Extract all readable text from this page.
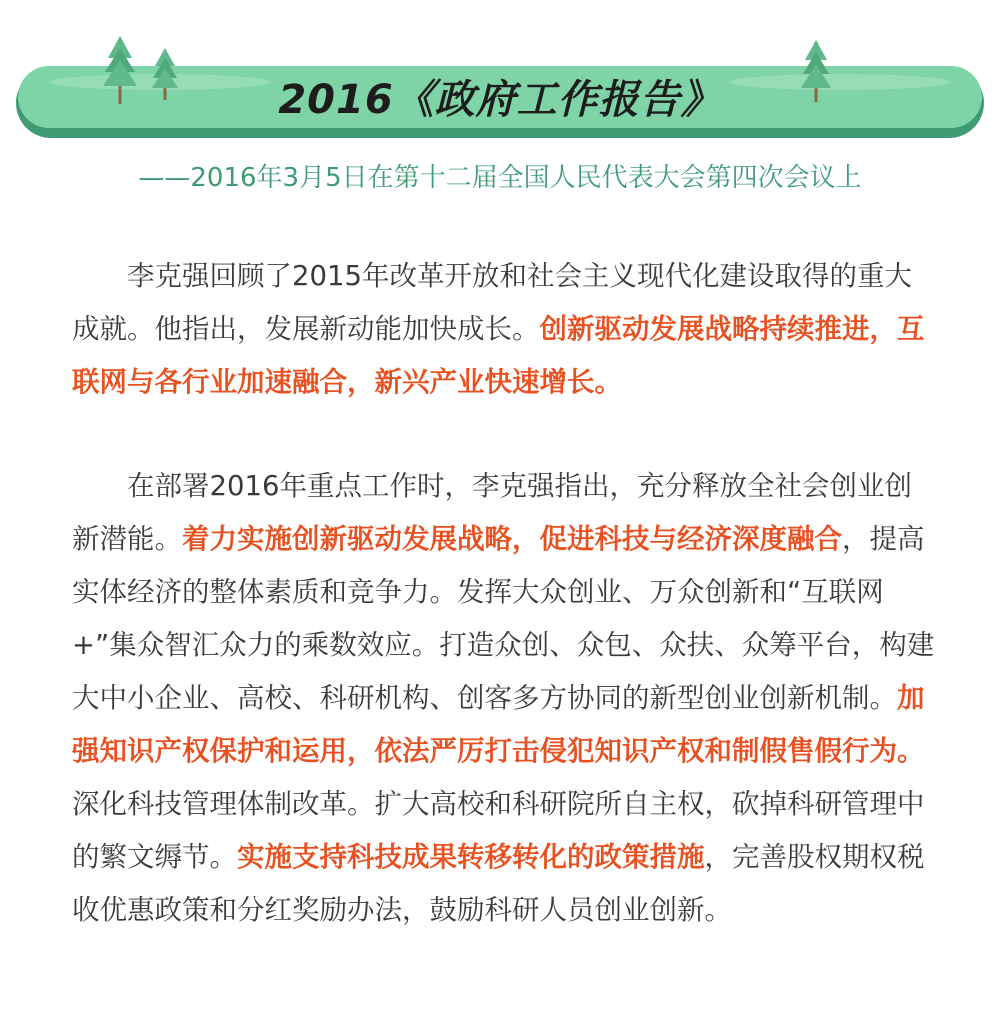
2016《政府工作报告》
——2016年3月5日在第十二届全国人民代表大会第四次会议上

李克强回顾了2015年改革开放和社会主义现代化建设取得的重大成就。他指出，发展新动能加快成长。创新驱动发展战略持续推进，互联网与各行业加速融合，新兴产业快速增长。

在部署2016年重点工作时，李克强指出，充分释放全社会创业创新潜能。着力实施创新驱动发展战略，促进科技与经济深度融合，提高实体经济的整体素质和竞争力。发挥大众创业、万众创新和“互联网+”集众智汇众力的乘数效应。打造众创、众包、众扶、众筹平台，构建大中小企业、高校、科研机构、创客多方协同的新型创业创新机制。加强知识产权保护和运用，依法严厉打击侵犯知识产权和制假售假行为。深化科技管理体制改革。扩大高校和科研院所自主权，砍掉科研管理中的繁文缛节。实施支持科技成果转移转化的政策措施，完善股权期权税收优惠政策和分红奖励办法，鼓励科研人员创业创新。
